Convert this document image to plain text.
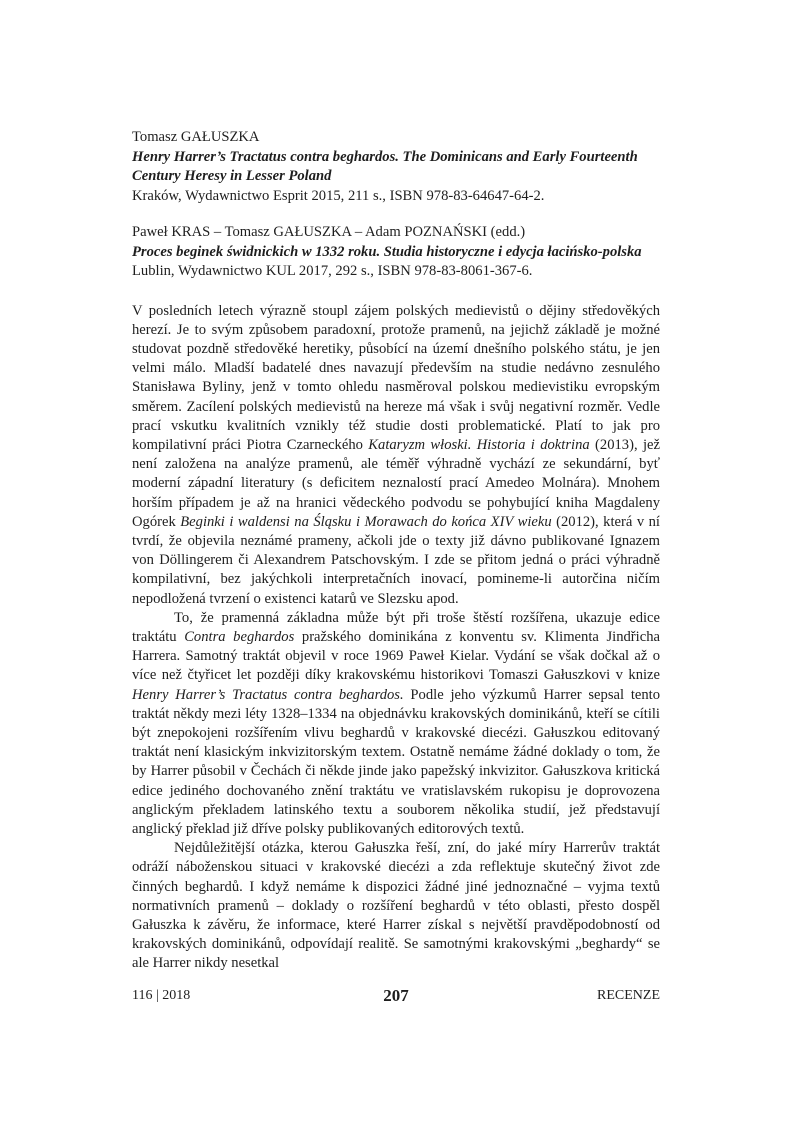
Tomasz GAŁUSZKA
Henry Harrer’s Tractatus contra beghardos. The Dominicans and Early Fourteenth Century Heresy in Lesser Poland
Kraków, Wydawnictwo Esprit 2015, 211 s., ISBN 978-83-64647-64-2.
Paweł KRAS – Tomasz GAŁUSZKA – Adam POZNAŃSKI (edd.)
Proces beginek świdnickich w 1332 roku. Studia historyczne i edycja łacińsko-polska
Lublin, Wydawnictwo KUL 2017, 292 s., ISBN 978-83-8061-367-6.

V posledních letech výrazně stoupl zájem polských medievistů o dějiny středověkých herezí. Je to svým způsobem paradoxní, protože pramenů, na jejichž základě je možné studovat pozdně středověké heretiky, působící na území dnešního polského státu, je jen velmi málo. Mladší badatelé dnes navazují především na studie nedávno zesnulého Stanisława Byliny, jenž v tomto ohledu nasměroval polskou medievistiku evropským směrem. Zacílení polských medievistů na hereze má však i svůj negativní rozměr. Vedle prací vskutku kvalitních vznikly též studie dosti problematické. Platí to jak pro kompilativní práci Piotra Czarneckého Kataryzm włoski. Historia i doktrina (2013), jež není založena na analýze pramenů, ale téměř výhradně vychází ze sekundární, byť moderní západní literatury (s deficitem neznalostí prací Amedeo Molnára). Mnohem horším případem je až na hranici vědeckého podvodu se pohybující kniha Magdaleny Ogórek Beginki i waldensi na Śląsku i Morawach do końca XIV wieku (2012), která v ní tvrdí, že objevila neznámé prameny, ačkoli jde o texty již dávno publikované Ignazem von Döllingerem či Alexandrem Patschovským. I zde se přitom jedná o práci výhradně kompilativní, bez jakýchkoli interpretačních inovací, pomineme-li autorčina ničím nepodložená tvrzení o existenci katarů ve Slezsku apod.

To, že pramenná základna může být při troše štěstí rozšířena, ukazuje edice traktátu Contra beghardos pražského dominikána z konventu sv. Klimenta Jindřicha Harrera. Samotný traktát objevil v roce 1969 Paweł Kielar. Vydání se však dočkal až o více než čtyřicet let později díky krakovskému historikovi Tomaszi Gałuszkovi v knize Henry Harrer’s Tractatus contra beghardos. Podle jeho výzkumů Harrer sepsal tento traktát někdy mezi léty 1328–1334 na objednávku krakovských dominikánů, kteří se cítili být znepokojeni rozšířením vlivu beghardů v krakovské diecézi. Gałuszkou editovaný traktát není klasickým inkvizitorským textem. Ostatně nemáme žádné doklady o tom, že by Harrer působil v Čechách či někde jinde jako papežský inkvizitor. Gałuszkova kritická edice jediného dochovaného znění traktátu ve vratislavském rukopisu je doprovozena anglickým překladem latinského textu a souborem několika studií, jež představují anglický překlad již dříve polsky publikovaných editorových textů.

Nejdůležitější otázka, kterou Gałuszka řeší, zní, do jaké míry Harrerův traktát odráží náboženskou situaci v krakovské diecézi a zda reflektuje skutečný život zde činných beghardů. I když nemáme k dispozici žádné jiné jednoznačné – vyjma textů normativních pramenů – doklady o rozšíření beghardů v této oblasti, přesto dospěl Gałuszka k závěru, že informace, které Harrer získal s největší pravděpodobností od krakovských dominikánů, odpovídají realitě. Se samotnými krakovskými „beghardy“ se ale Harrer nikdy nesetkal

116 | 2018	207	RECENZE
